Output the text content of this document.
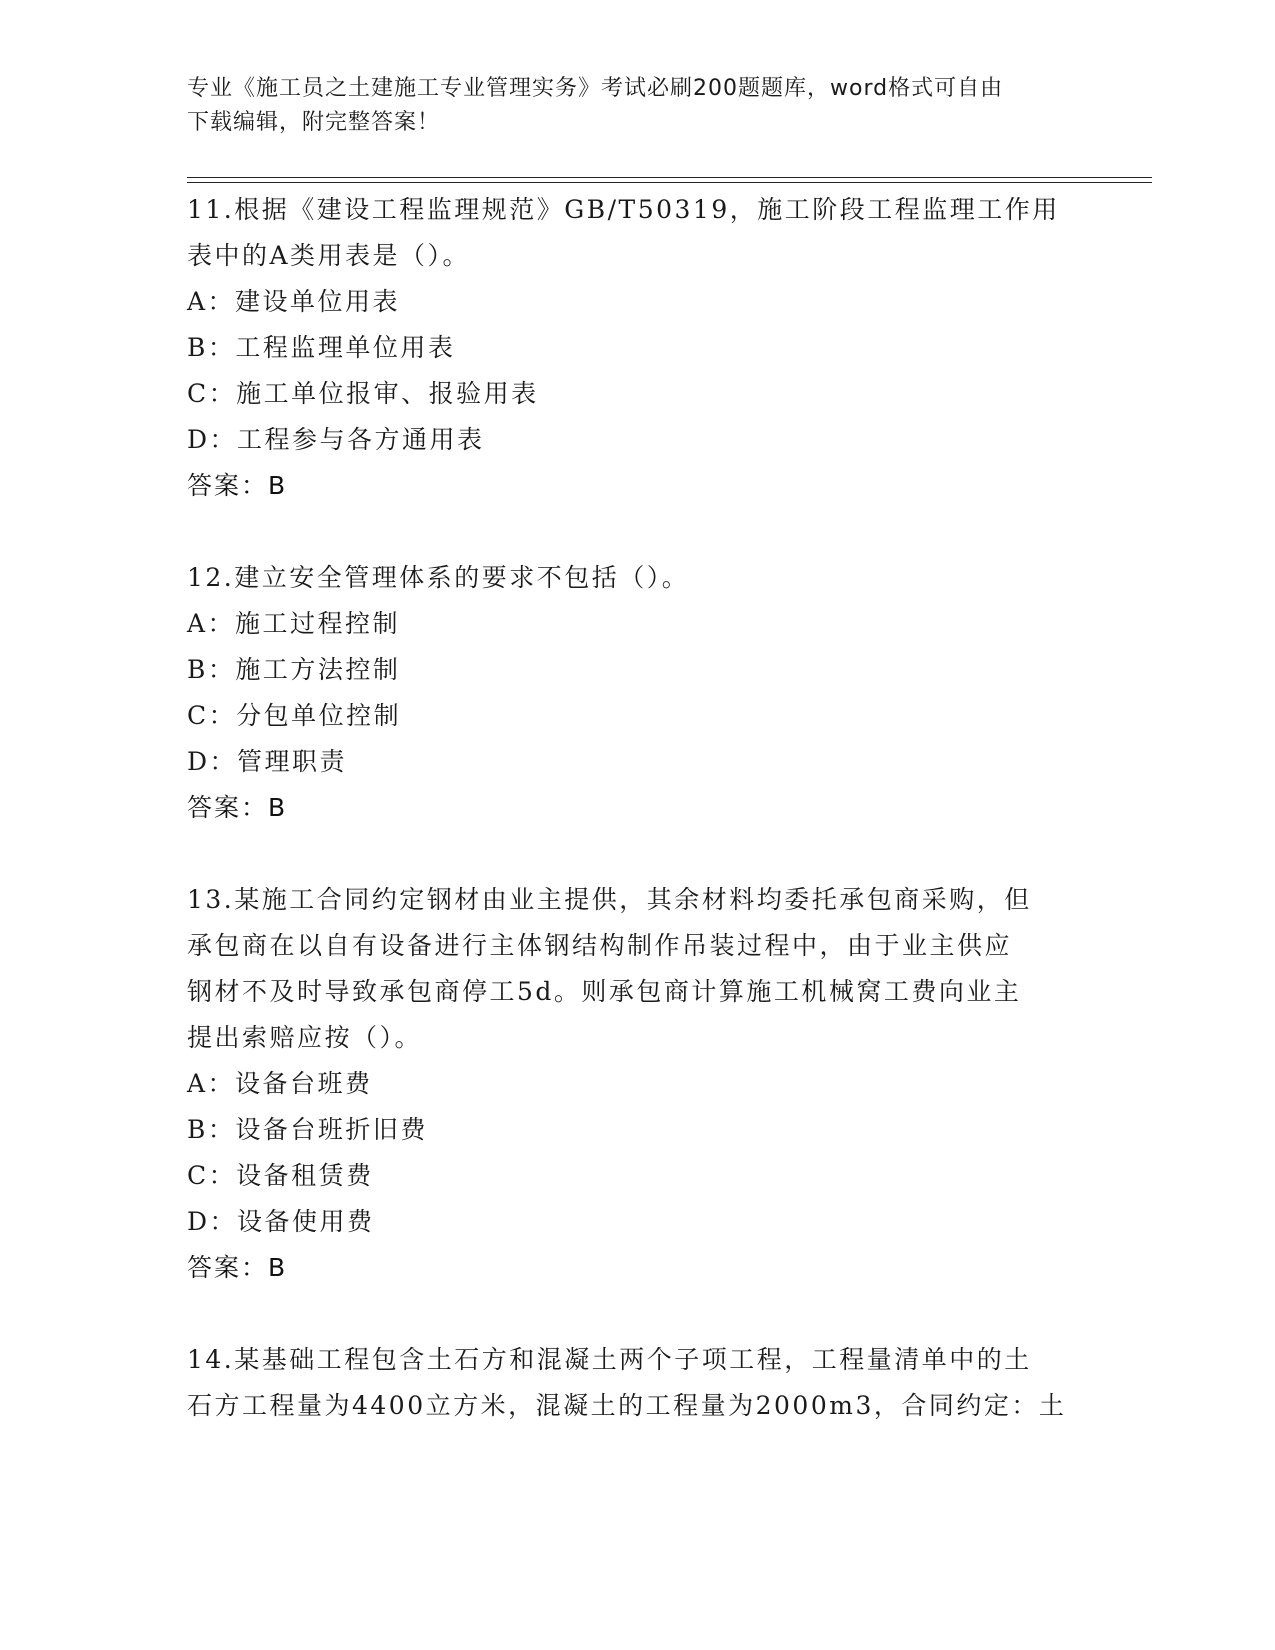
专业《施工员之土建施工专业管理实务》考试必刷200题题库，word格式可自由
下载编辑，附完整答案！
11.根据《建设工程监理规范》GB/T50319，施工阶段工程监理工作用
表中的A类用表是（）。
A：建设单位用表
B：工程监理单位用表
C：施工单位报审、报验用表
D：工程参与各方通用表
答案：B
12.建立安全管理体系的要求不包括（）。
A：施工过程控制
B：施工方法控制
C：分包单位控制
D：管理职责
答案：B
13.某施工合同约定钢材由业主提供，其余材料均委托承包商采购，但
承包商在以自有设备进行主体钢结构制作吊装过程中，由于业主供应
钢材不及时导致承包商停工5d。则承包商计算施工机械窝工费向业主
提出索赔应按（）。
A：设备台班费
B：设备台班折旧费
C：设备租赁费
D：设备使用费
答案：B
14.某基础工程包含土石方和混凝土两个子项工程，工程量清单中的土
石方工程量为4400立方米，混凝土的工程量为2000m3，合同约定：土
